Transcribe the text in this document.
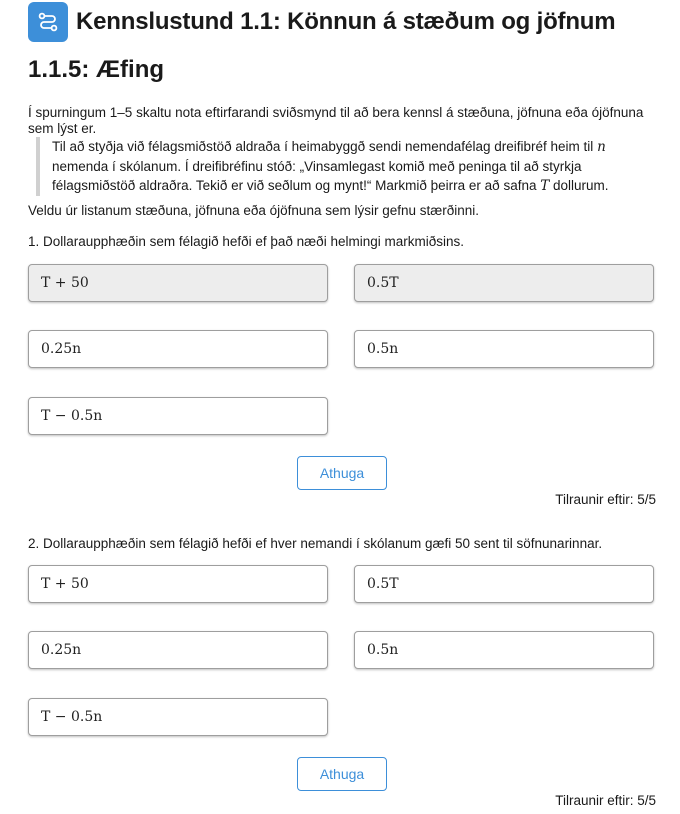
Kennslustund 1.1: Könnun á stæðum og jöfnum
1.1.5: Æfing

Í spurningum 1–5 skaltu nota eftirfarandi sviðsmynd til að bera kennsl á stæðuna, jöfnuna eða ójöfnuna sem lýst er.

Til að styðja við félagsmiðstöð aldraða í heimabyggð sendi nemendafélag dreifibréf heim til n
nemenda í skólanum. Í dreifibréfinu stóð: „Vinsamlegast komið með peninga til að styrkja
félagsmiðstöð aldraðra. Tekið er við seðlum og mynt!“ Markmið þeirra er að safna T dollurum.

Veldu úr listanum stæðuna, jöfnuna eða ójöfnuna sem lýsir gefnu stærðinni.

1. Dollaraupphæðin sem félagið hefði ef það næði helmingi markmiðsins.

T + 50	0.5T
0.25n	0.5n
T − 0.5n
Athuga

Tilraunir eftir: 5/5

2. Dollaraupphæðin sem félagið hefði ef hver nemandi í skólanum gæfi 50 sent til söfnunarinnar.

T + 50	0.5T
0.25n	0.5n
T − 0.5n
Athuga

Tilraunir eftir: 5/5
